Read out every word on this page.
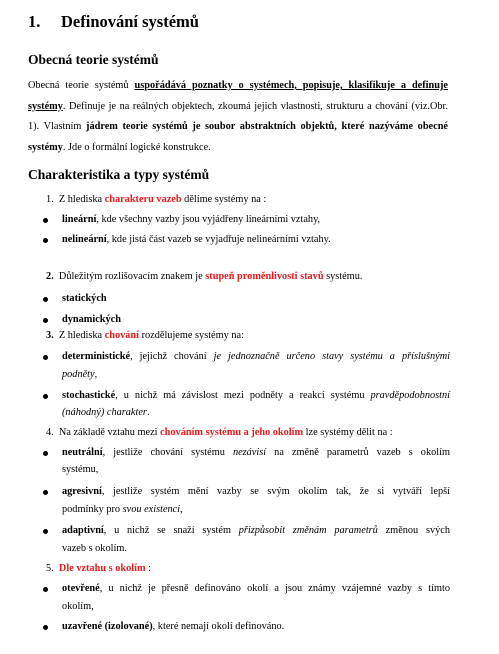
1. Definování systémů
Obecná teorie systémů

Obecná teorie systémů uspořádává poznatky o systémech, popisuje, klasifikuje a definuje systémy. Definuje je na reálných objektech, zkoumá jejich vlastnosti, strukturu a chování (viz.Obr. 1). Vlastním jádrem teorie systémů je soubor abstraktních objektů, které nazýváme obecné systémy. Jde o formální logické konstrukce.

Charakteristika a typy systémů
1. Z hlediska charakteru vazeb dělíme systémy na :
lineární, kde všechny vazby jsou vyjádřeny lineárními vztahy,
nelineární, kde jistá část vazeb se vyjadřuje nelineárními vztahy.
2. Důležitým rozlišovacím znakem je stupeň proměnlivosti stavů systému.
statických
dynamických
3. Z hlediska chování rozdělujeme systémy na:
deterministické, jejichž chování je jednoznačně určeno stavy systému a příslušnými
podněty,
stochastické, u nichž má závislost mezi podněty a reakcí systému pravděpodobnostní
(náhodný) charakter.
4. Na základě vztahu mezi chováním systému a jeho okolím lze systémy dělit na :
neutrální, jestliže chování systému nezávisí na změně parametrů vazeb s okolím
systému,
agresivní, jestliže systém mění vazby se svým okolím tak, že si vytváří lepší
podmínky pro svou existenci,
adaptivní, u nichž se snaží systém přizpůsobit změnám parametrů změnou svých
vazeb s okolím.
5. Dle vztahu s okolím :
otevřené, u nichž je přesně definováno okolí a jsou známy vzájemné vazby s tímto
okolím,
uzavřené (izolované), které nemají okolí definováno.
